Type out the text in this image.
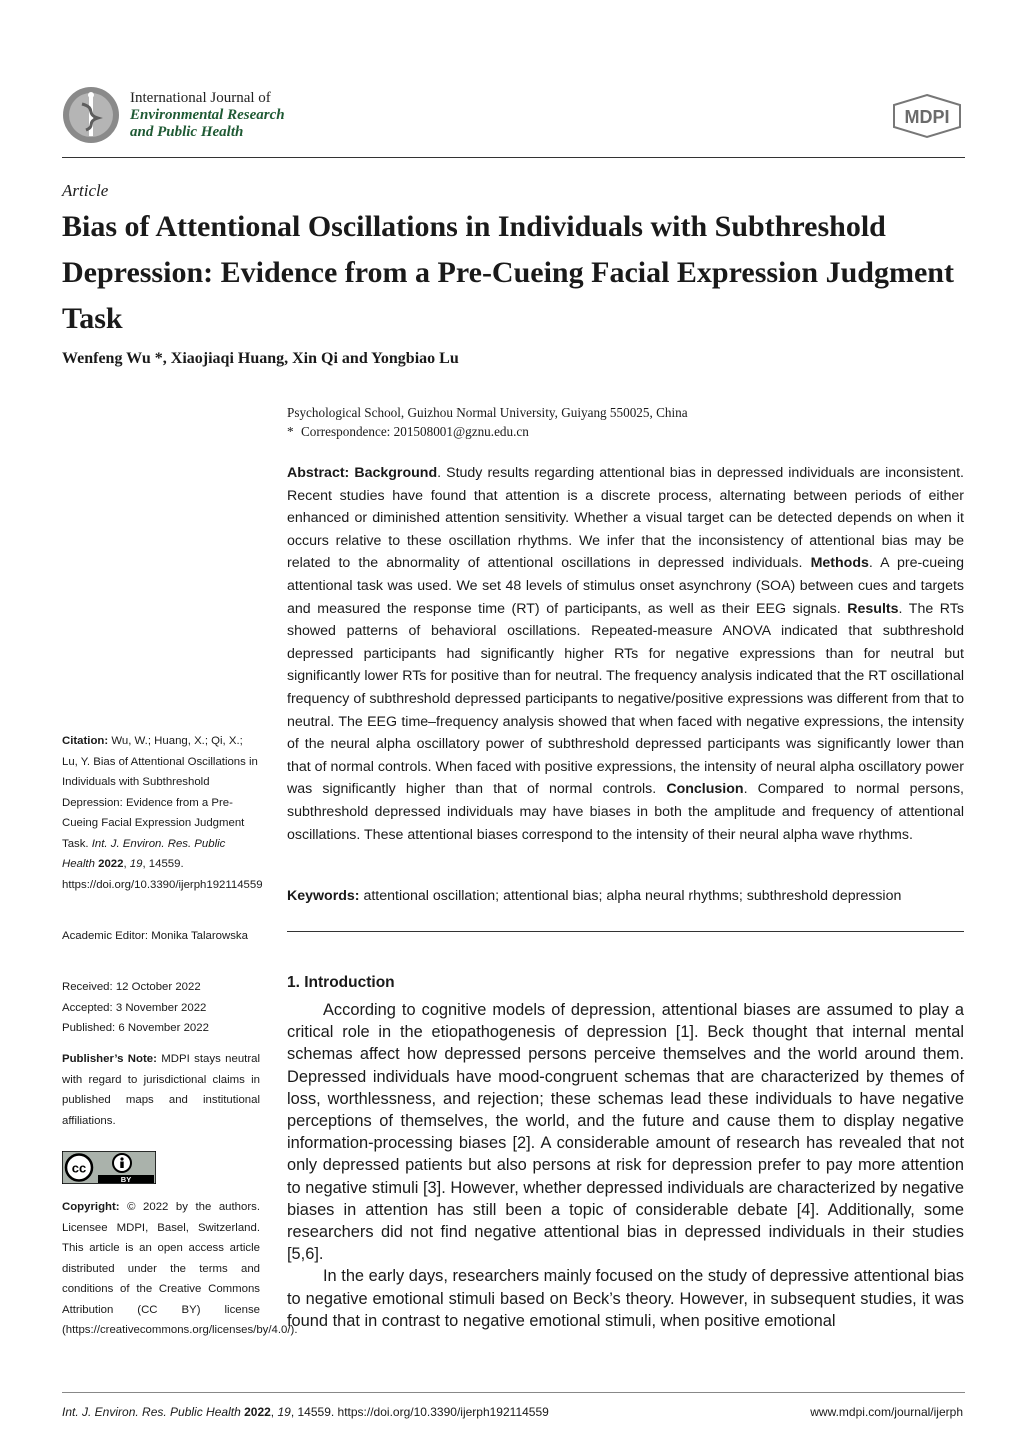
International Journal of
Environmental Research
and Public Health
MDPI
Article
Bias of Attentional Oscillations in Individuals with Subthreshold Depression: Evidence from a Pre-Cueing Facial Expression Judgment Task
Wenfeng Wu *, Xiaojiaqi Huang, Xin Qi and Yongbiao Lu
Psychological School, Guizhou Normal University, Guiyang 550025, China
* Correspondence: 201508001@gznu.edu.cn

Abstract: Background. Study results regarding attentional bias in depressed individuals are inconsistent. Recent studies have found that attention is a discrete process, alternating between periods of either enhanced or diminished attention sensitivity. Whether a visual target can be detected depends on when it occurs relative to these oscillation rhythms. We infer that the inconsistency of attentional bias may be related to the abnormality of attentional oscillations in depressed individuals. Methods. A pre-cueing attentional task was used. We set 48 levels of stimulus onset asynchrony (SOA) between cues and targets and measured the response time (RT) of participants, as well as their EEG signals. Results. The RTs showed patterns of behavioral oscillations. Repeated-measure ANOVA indicated that subthreshold depressed participants had significantly higher RTs for negative expressions than for neutral but significantly lower RTs for positive than for neutral. The frequency analysis indicated that the RT oscillational frequency of subthreshold depressed participants to negative/positive expressions was different from that to neutral. The EEG time–frequency analysis showed that when faced with negative expressions, the intensity of the neural alpha oscillatory power of subthreshold depressed participants was significantly lower than that of normal controls. When faced with positive expressions, the intensity of neural alpha oscillatory power was significantly higher than that of normal controls. Conclusion. Compared to normal persons, subthreshold depressed individuals may have biases in both the amplitude and frequency of attentional oscillations. These attentional biases correspond to the intensity of their neural alpha wave rhythms.

Keywords: attentional oscillation; attentional bias; alpha neural rhythms; subthreshold depression
1. Introduction

According to cognitive models of depression, attentional biases are assumed to play a critical role in the etiopathogenesis of depression [1]. Beck thought that internal mental schemas affect how depressed persons perceive themselves and the world around them. Depressed individuals have mood-congruent schemas that are characterized by themes of loss, worthlessness, and rejection; these schemas lead these individuals to have negative perceptions of themselves, the world, and the future and cause them to display negative information-processing biases [2]. A considerable amount of research has revealed that not only depressed patients but also persons at risk for depression prefer to pay more attention to negative stimuli [3]. However, whether depressed individuals are characterized by negative biases in attention has still been a topic of considerable debate [4]. Additionally, some researchers did not find negative attentional bias in depressed individuals in their studies [5,6].

In the early days, researchers mainly focused on the study of depressive attentional bias to negative emotional stimuli based on Beck’s theory. However, in subsequent studies, it was found that in contrast to negative emotional stimuli, when positive emotional

Citation: Wu, W.; Huang, X.; Qi, X.; Lu, Y. Bias of Attentional Oscillations in Individuals with Subthreshold Depression: Evidence from a Pre-Cueing Facial Expression Judgment Task. Int. J. Environ. Res. Public Health 2022, 19, 14559. https://doi.org/10.3390/ijerph192114559
Academic Editor: Monika Talarowska
Received: 12 October 2022
Accepted: 3 November 2022
Published: 6 November 2022
Publisher’s Note: MDPI stays neutral with regard to jurisdictional claims in published maps and institutional affiliations.
cc
BY
Copyright: © 2022 by the authors. Licensee MDPI, Basel, Switzerland. This article is an open access article distributed under the terms and conditions of the Creative Commons Attribution (CC BY) license (https://creativecommons.org/licenses/by/4.0/).
Int. J. Environ. Res. Public Health 2022, 19, 14559. https://doi.org/10.3390/ijerph192114559	www.mdpi.com/journal/ijerph
